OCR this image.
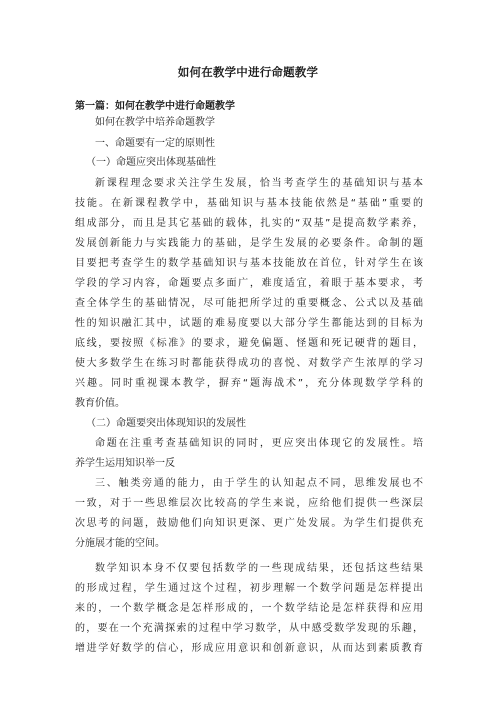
如何在教学中进行命题教学
第一篇：如何在教学中进行命题教学
如何在教学中培养命题教学
一、命题要有一定的原则性
（一）命题应突出体现基础性
新课程理念要求关注学生发展，恰当考查学生的基础知识与基本
技能。在新课程教学中，基础知识与基本技能依然是“基础”重要的
组成部分，而且是其它基础的载体，扎实的“双基”是提高数学素养，
发展创新能力与实践能力的基础，是学生发展的必要条件。命制的题
目要把考查学生的数学基础知识与基本技能放在首位，针对学生在该
学段的学习内容，命题要点多面广，难度适宜，着眼于基本要求，考
查全体学生的基础情况，尽可能把所学过的重要概念、公式以及基础
性的知识融汇其中，试题的难易度要以大部分学生都能达到的目标为
底线，要按照《标准》的要求，避免偏题、怪题和死记硬背的题目，
使大多数学生在练习时都能获得成功的喜悦、对数学产生浓厚的学习
兴趣。同时重视课本教学，摒弃“题海战术”，充分体现数学学科的
教育价值。
（二）命题要突出体现知识的发展性
命题在注重考查基础知识的同时，更应突出体现它的发展性。培
养学生运用知识举一反
三、触类旁通的能力，由于学生的认知起点不同，思维发展也不
一致，对于一些思维层次比较高的学生来说，应给他们提供一些深层
次思考的问题，鼓励他们向知识更深、更广处发展。为学生们提供充
分施展才能的空间。
数学知识本身不仅要包括数学的一些现成结果，还包括这些结果
的形成过程，学生通过这个过程，初步理解一个数学问题是怎样提出
来的，一个数学概念是怎样形成的，一个数学结论是怎样获得和应用
的，要在一个充满探索的过程中学习数学，从中感受数学发现的乐趣，
增进学好数学的信心，形成应用意识和创新意识，从而达到素质教育
